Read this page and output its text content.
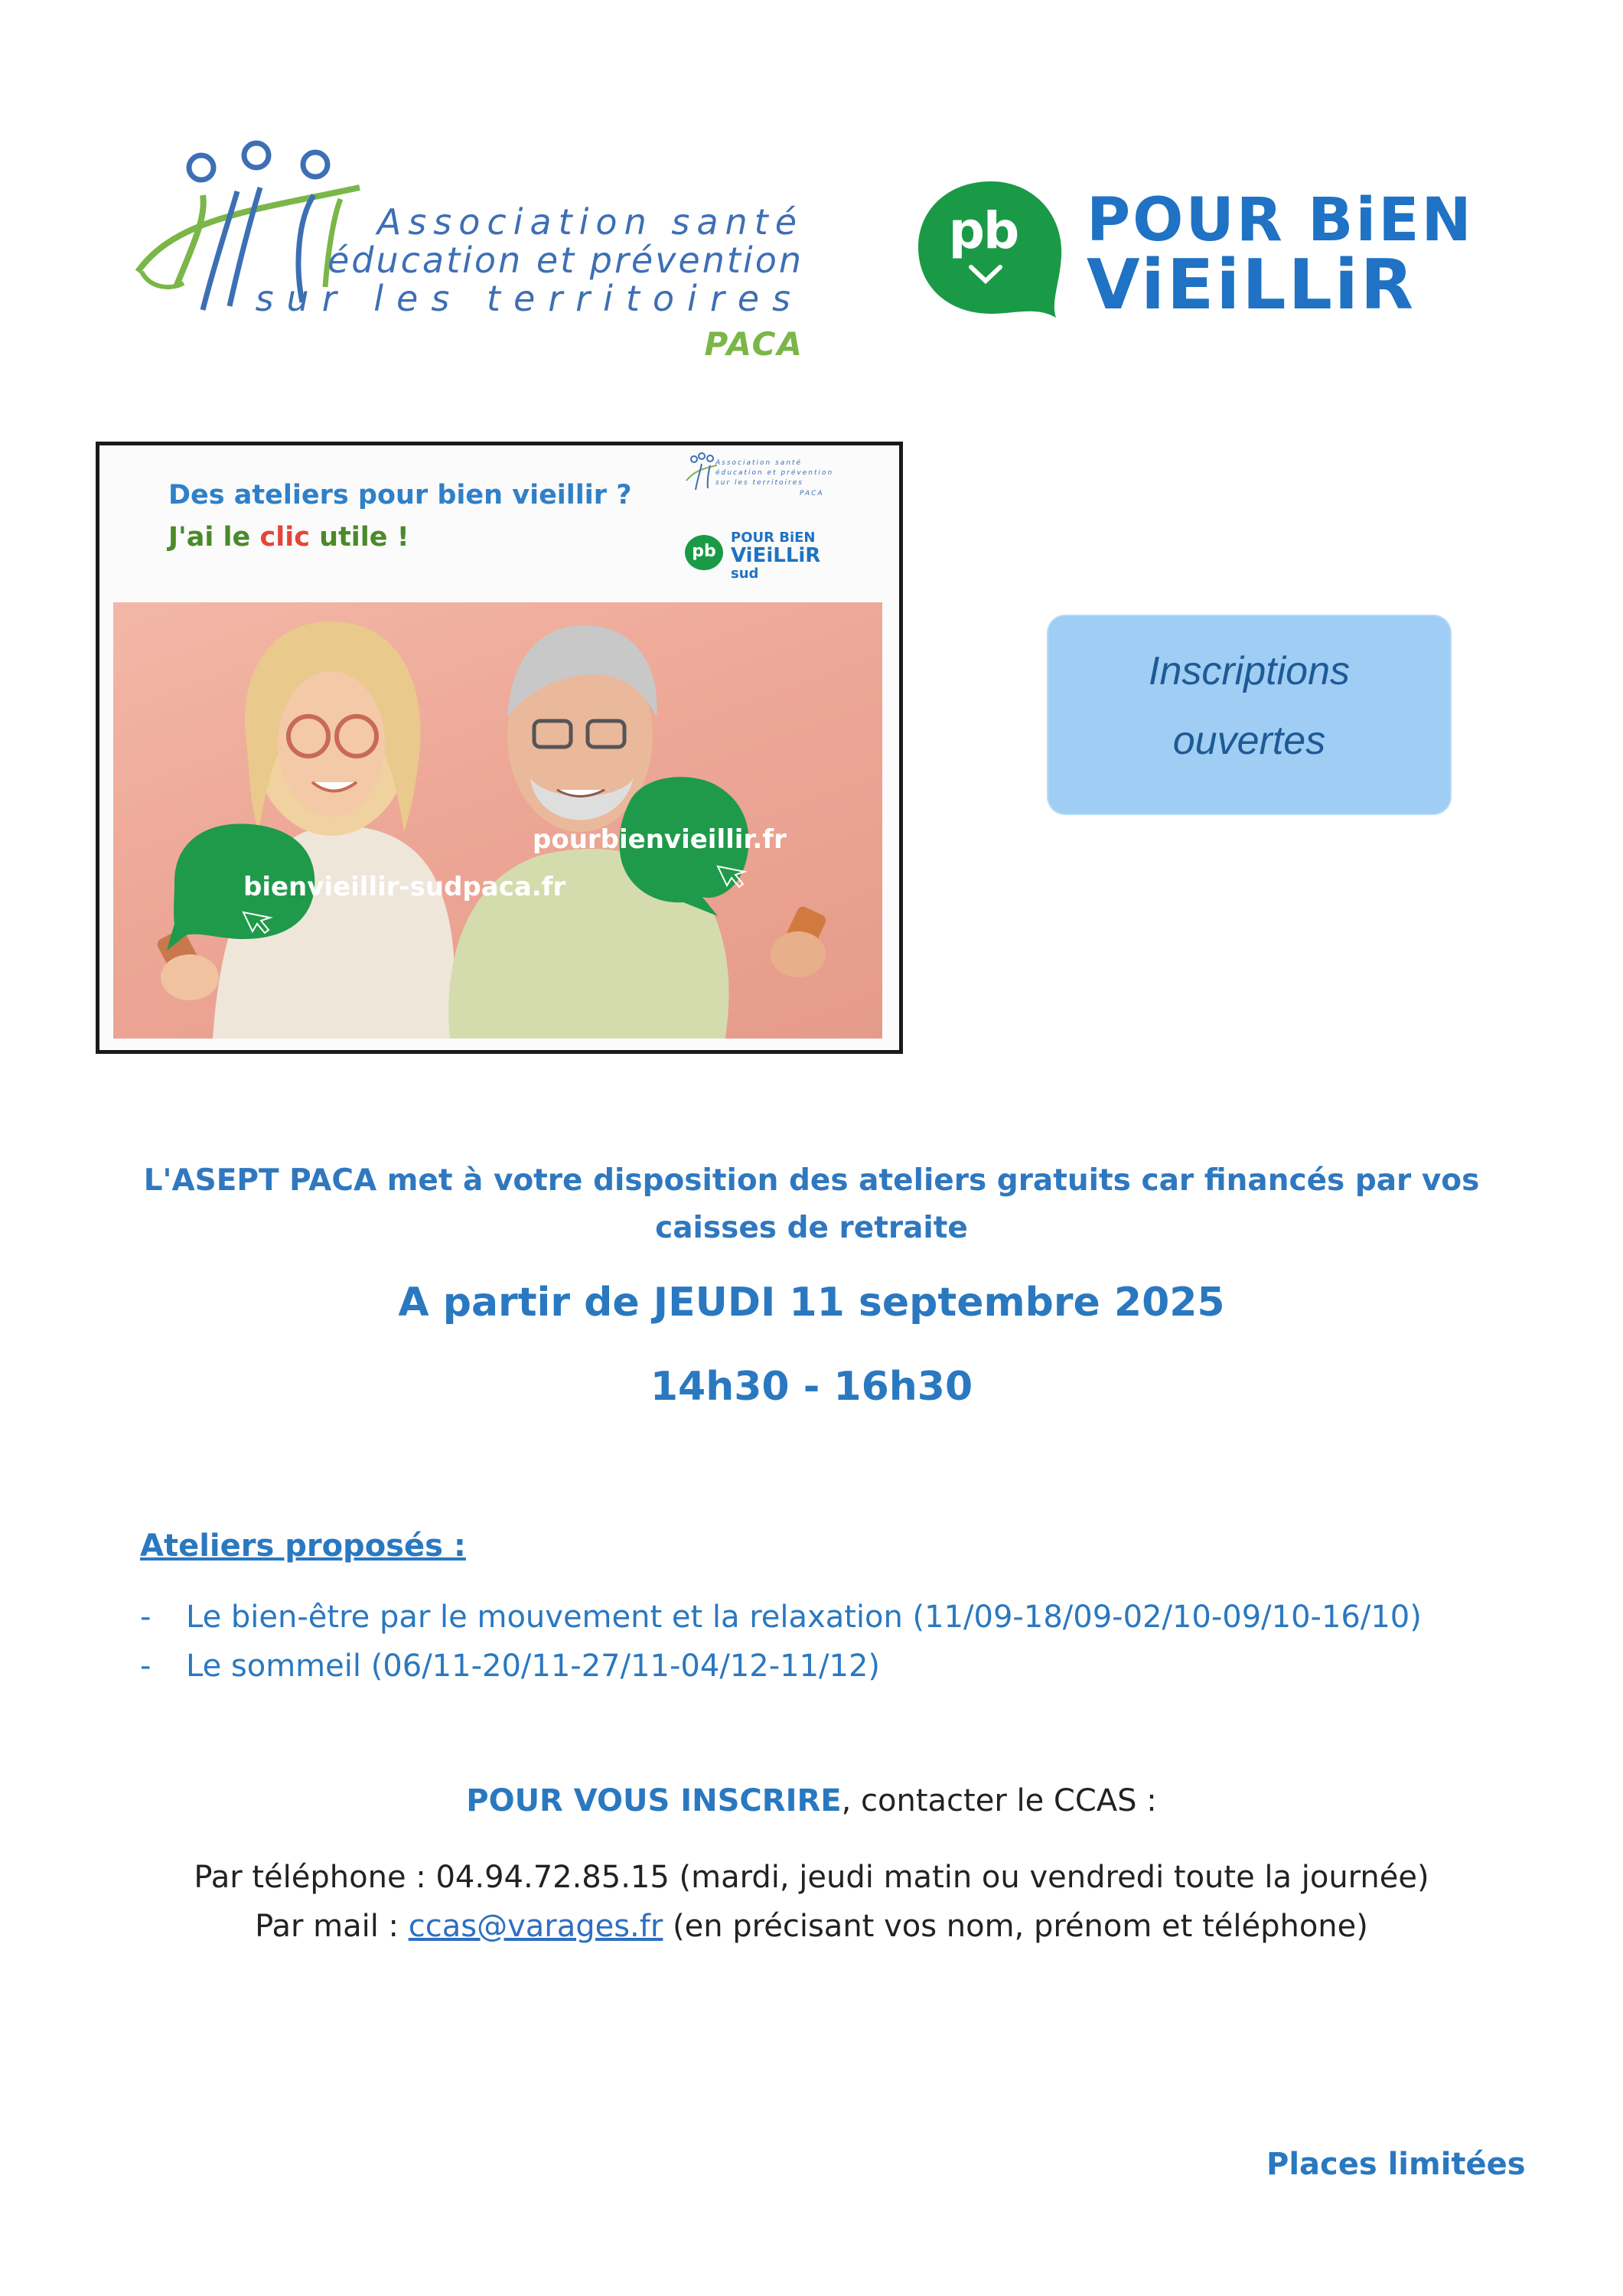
Association santé
éducation et prévention
sur les territoires
PACA
pb POUR BiEN
ViEiLLiR
Des ateliers pour bien vieillir ?
J'ai le clic utile !
Association santé
éducation et prévention
sur les territoires
PACA
pb
POUR BiEN
ViEiLLiR
sud
pourbienvieillir.fr
bienvieillir-sudpaca.fr
Inscriptions
ouvertes
L'ASEPT PACA met à votre disposition des ateliers gratuits car financés par vos
caisses de retraite
A partir de JEUDI 11 septembre 2025
14h30 - 16h30
Ateliers proposés :
- Le bien-être par le mouvement et la relaxation (11/09-18/09-02/10-09/10-16/10)
- Le sommeil (06/11-20/11-27/11-04/12-11/12)
POUR VOUS INSCRIRE, contacter le CCAS :
Par téléphone : 04.94.72.85.15 (mardi, jeudi matin ou vendredi toute la journée)
Par mail : ccas@varages.fr (en précisant vos nom, prénom et téléphone)
Places limitées
